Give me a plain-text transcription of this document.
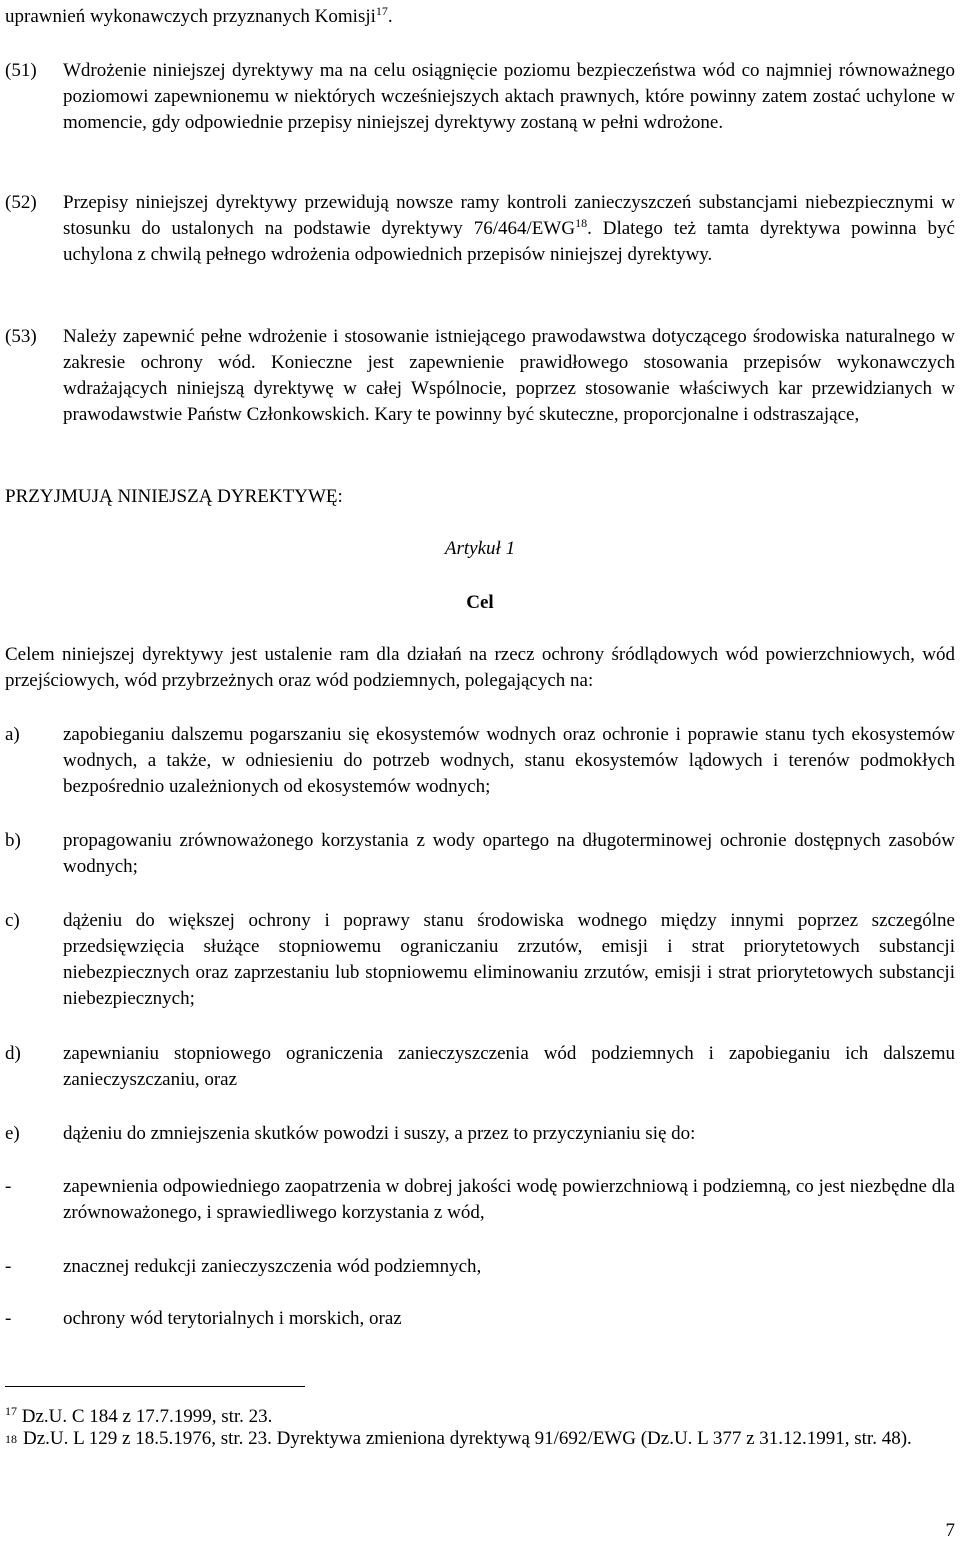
uprawnień wykonawczych przyznanych Komisji$^{17}$.

(51)	Wdrożenie niniejszej dyrektywy ma na celu osiągnięcie poziomu bezpieczeństwa wód co najmniej równoważnego poziomowi zapewnionemu w niektórych wcześniejszych aktach prawnych, które powinny zatem zostać uchylone w momencie, gdy odpowiednie przepisy niniejszej dyrektywy zostaną w pełni wdrożone.
(52)	Przepisy niniejszej dyrektywy przewidują nowsze ramy kontroli zanieczyszczeń substancjami niebezpiecznymi w stosunku do ustalonych na podstawie dyrektywy 76/464/EWG$^{18}$. Dlatego też tamta dyrektywa powinna być uchylona z chwilą pełnego wdrożenia odpowiednich przepisów niniejszej dyrektywy.
(53)	Należy zapewnić pełne wdrożenie i stosowanie istniejącego prawodawstwa dotyczącego środowiska naturalnego w zakresie ochrony wód. Konieczne jest zapewnienie prawidłowego stosowania przepisów wykonawczych wdrażających niniejszą dyrektywę w całej Wspólnocie, poprzez stosowanie właściwych kar przewidzianych w prawodawstwie Państw Członkowskich. Kary te powinny być skuteczne, proporcjonalne i odstraszające,

PRZYJMUJĄ NINIEJSZĄ DYREKTYWĘ:

Artykuł 1

Cel

Celem niniejszej dyrektywy jest ustalenie ram dla działań na rzecz ochrony śródlądowych wód powierzchniowych, wód przejściowych, wód przybrzeżnych oraz wód podziemnych, polegających na:

a)	zapobieganiu dalszemu pogarszaniu się ekosystemów wodnych oraz ochronie i poprawie stanu tych ekosystemów wodnych, a także, w odniesieniu do potrzeb wodnych, stanu ekosystemów lądowych i terenów podmokłych bezpośrednio uzależnionych od ekosystemów wodnych;
b)	propagowaniu zrównoważonego korzystania z wody opartego na długoterminowej ochronie dostępnych zasobów wodnych;
c)	dążeniu do większej ochrony i poprawy stanu środowiska wodnego między innymi poprzez szczególne przedsięwzięcia służące stopniowemu ograniczaniu zrzutów, emisji i strat priorytetowych substancji niebezpiecznych oraz zaprzestaniu lub stopniowemu eliminowaniu zrzutów, emisji i strat priorytetowych substancji niebezpiecznych;
d)	zapewnianiu stopniowego ograniczenia zanieczyszczenia wód podziemnych i zapobieganiu ich dalszemu zanieczyszczaniu, oraz
e)	dążeniu do zmniejszenia skutków powodzi i suszy, a przez to przyczynianiu się do:
-	zapewnienia odpowiedniego zaopatrzenia w dobrej jakości wodę powierzchniową i podziemną, co jest niezbędne dla zrównoważonego, i sprawiedliwego korzystania z wód,
-	znacznej redukcji zanieczyszczenia wód podziemnych,
-	ochrony wód terytorialnych i morskich, oraz
$^{17}$ Dz.U. C 184 z 17.7.1999, str. 23.
18 Dz.U. L 129 z 18.5.1976, str. 23. Dyrektywa zmieniona dyrektywą 91/692/EWG (Dz.U. L 377 z 31.12.1991, str. 48).
7
